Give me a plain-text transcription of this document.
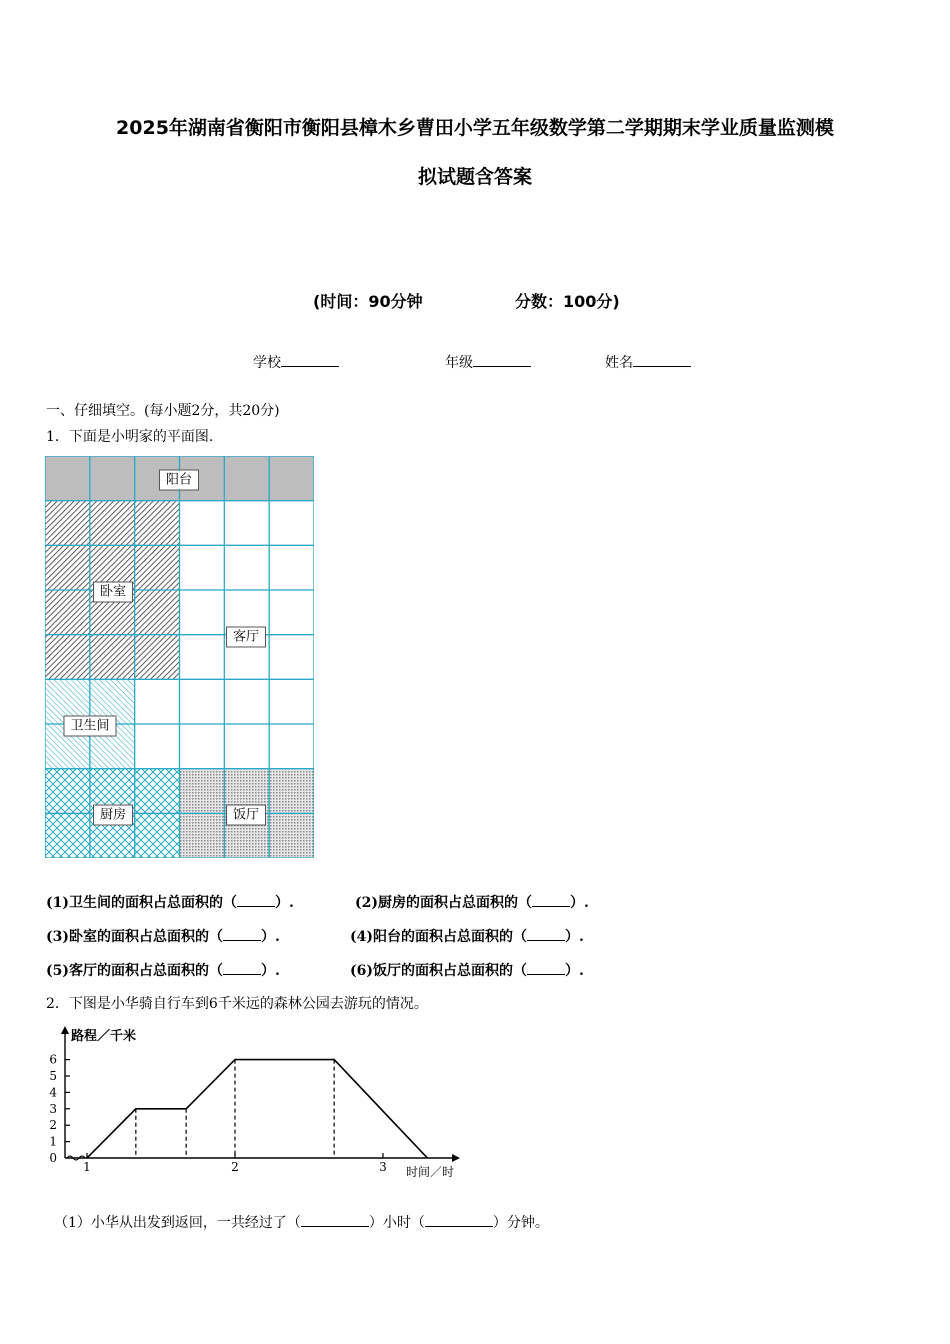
2025年湖南省衡阳市衡阳县樟木乡曹田小学五年级数学第二学期期末学业质量监测模
拟试题含答案
(时间：90分钟	分数：100分)
学校	年级	姓名
一、仔细填空。(每小题2分，共20分)
1．下面是小明家的平面图.
阳台
卧室
客厅
卫生间
厨房	饭厅
(1)卫生间的面积占总面积的（	）.	(2)厨房的面积占总面积的（	）.
(3)卧室的面积占总面积的（	）.	(4)阳台的面积占总面积的（	）.
(5)客厅的面积占总面积的（	）.	(6)饭厅的面积占总面积的（	）.
2．下图是小华骑自行车到6千米远的森林公园去游玩的情况。
0
1
2
3
4
5
6
1	2	3
路程／千米
时间／时
（1）小华从出发到返回，一共经过了（	）小时（	）分钟。
